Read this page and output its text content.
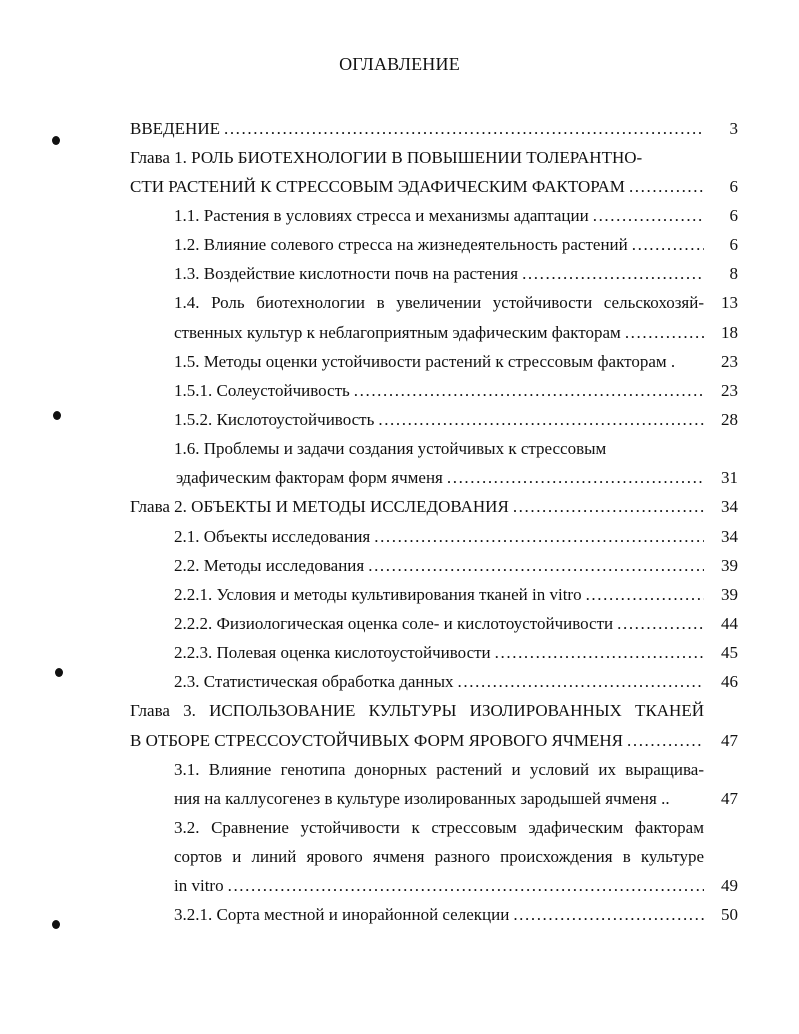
ОГЛАВЛЕНИЕ
ВВЕДЕНИЕ .....	3
Глава 1. РОЛЬ БИОТЕХНОЛОГИИ В ПОВЫШЕНИИ ТОЛЕРАНТНО-
СТИ РАСТЕНИЙ К СТРЕССОВЫМ ЭДАФИЧЕСКИМ ФАКТОРАМ .....	6
1.1. Растения в условиях стресса и механизмы адаптации .....	6
1.2. Влияние солевого стресса на жизнедеятельность растений .....	6
1.3. Воздействие кислотности почв на растения .....	8
1.4. Роль биотехнологии в увеличении устойчивости сельскохозяй-	13
ственных культур к неблагоприятным эдафическим факторам .....	18
1.5. Методы оценки устойчивости растений к стрессовым факторам .	23
1.5.1. Солеустойчивость .....	23
1.5.2. Кислотоустойчивость .....	28
1.6. Проблемы и задачи создания устойчивых к стрессовым
эдафическим факторам форм ячменя .....	31
Глава 2. ОБЪЕКТЫ И МЕТОДЫ ИССЛЕДОВАНИЯ .....	34
2.1. Объекты исследования .....	34
2.2. Методы исследования .....	39
2.2.1. Условия и методы культивирования тканей in vitro .....	39
2.2.2. Физиологическая оценка соле- и кислотоустойчивости .....	44
2.2.3. Полевая оценка кислотоустойчивости .....	45
2.3. Статистическая обработка данных .....	46
Глава 3. ИСПОЛЬЗОВАНИЕ КУЛЬТУРЫ ИЗОЛИРОВАННЫХ ТКАНЕЙ
В ОТБОРЕ СТРЕССОУСТОЙЧИВЫХ ФОРМ ЯРОВОГО ЯЧМЕНЯ .....	47
3.1. Влияние генотипа донорных растений и условий их выращива-
ния на каллусогенез в культуре изолированных зародышей ячменя ..	47
3.2. Сравнение устойчивости к стрессовым эдафическим факторам
сортов и линий ярового ячменя разного происхождения в культуре
in vitro .....	49
3.2.1. Сорта местной и инорайонной селекции .....	50
